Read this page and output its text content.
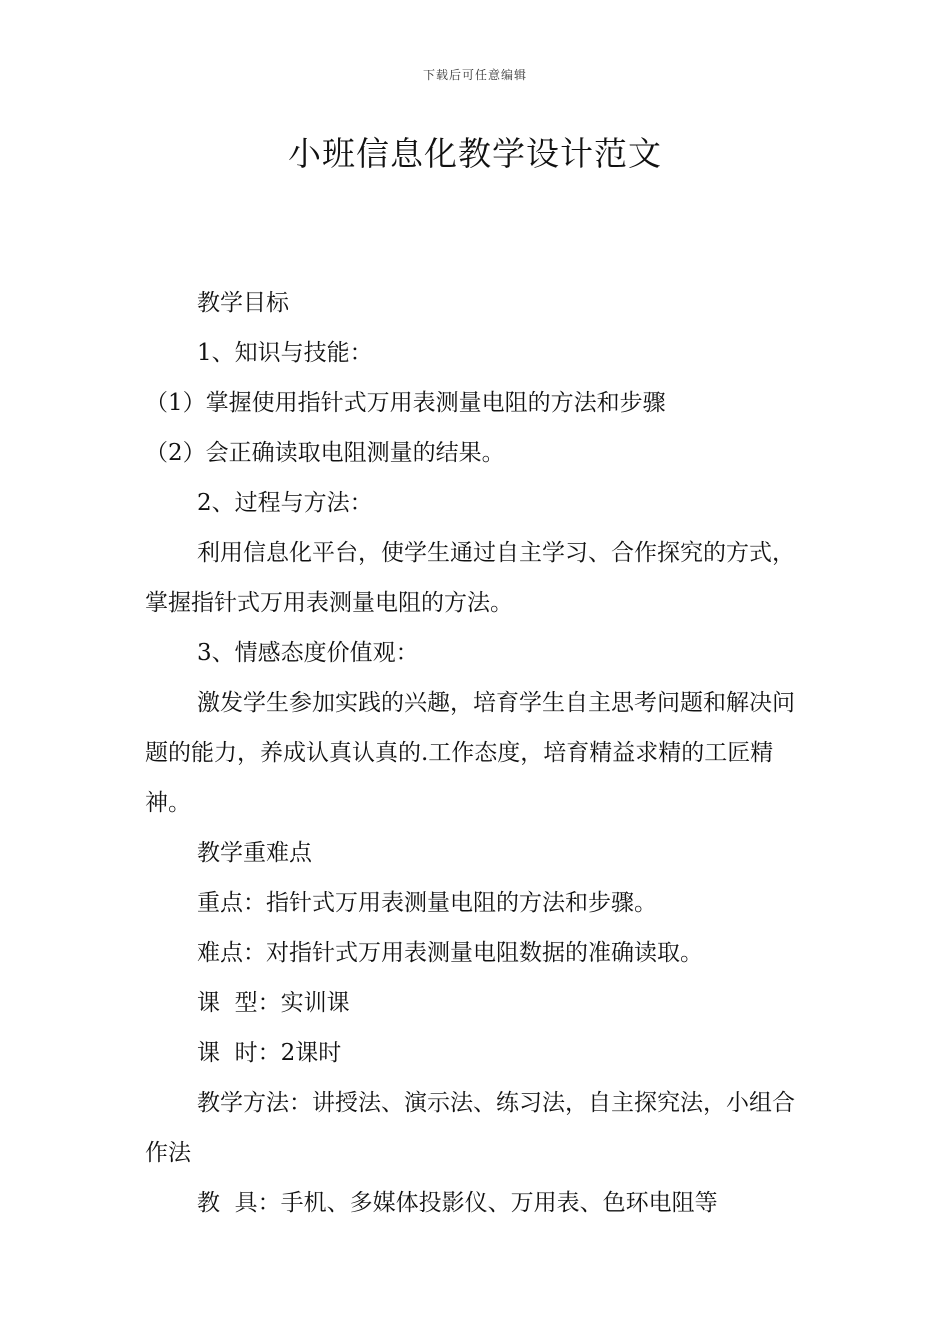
下载后可任意编辑
小班信息化教学设计范文

教学目标

1、知识与技能：

（1）掌握使用指针式万用表测量电阻的方法和步骤

（2）会正确读取电阻测量的结果。

2、过程与方法：

利用信息化平台，使学生通过自主学习、合作探究的方式，掌握指针式万用表测量电阻的方法。

3、情感态度价值观：

激发学生参加实践的兴趣，培育学生自主思考问题和解决问题的能力，养成认真认真的.工作态度，培育精益求精的工匠精神。

教学重难点

重点：指针式万用表测量电阻的方法和步骤。

难点：对指针式万用表测量电阻数据的准确读取。

课  型：实训课

课  时：2课时

教学方法：讲授法、演示法、练习法，自主探究法，小组合作法

教  具：手机、多媒体投影仪、万用表、色环电阻等
